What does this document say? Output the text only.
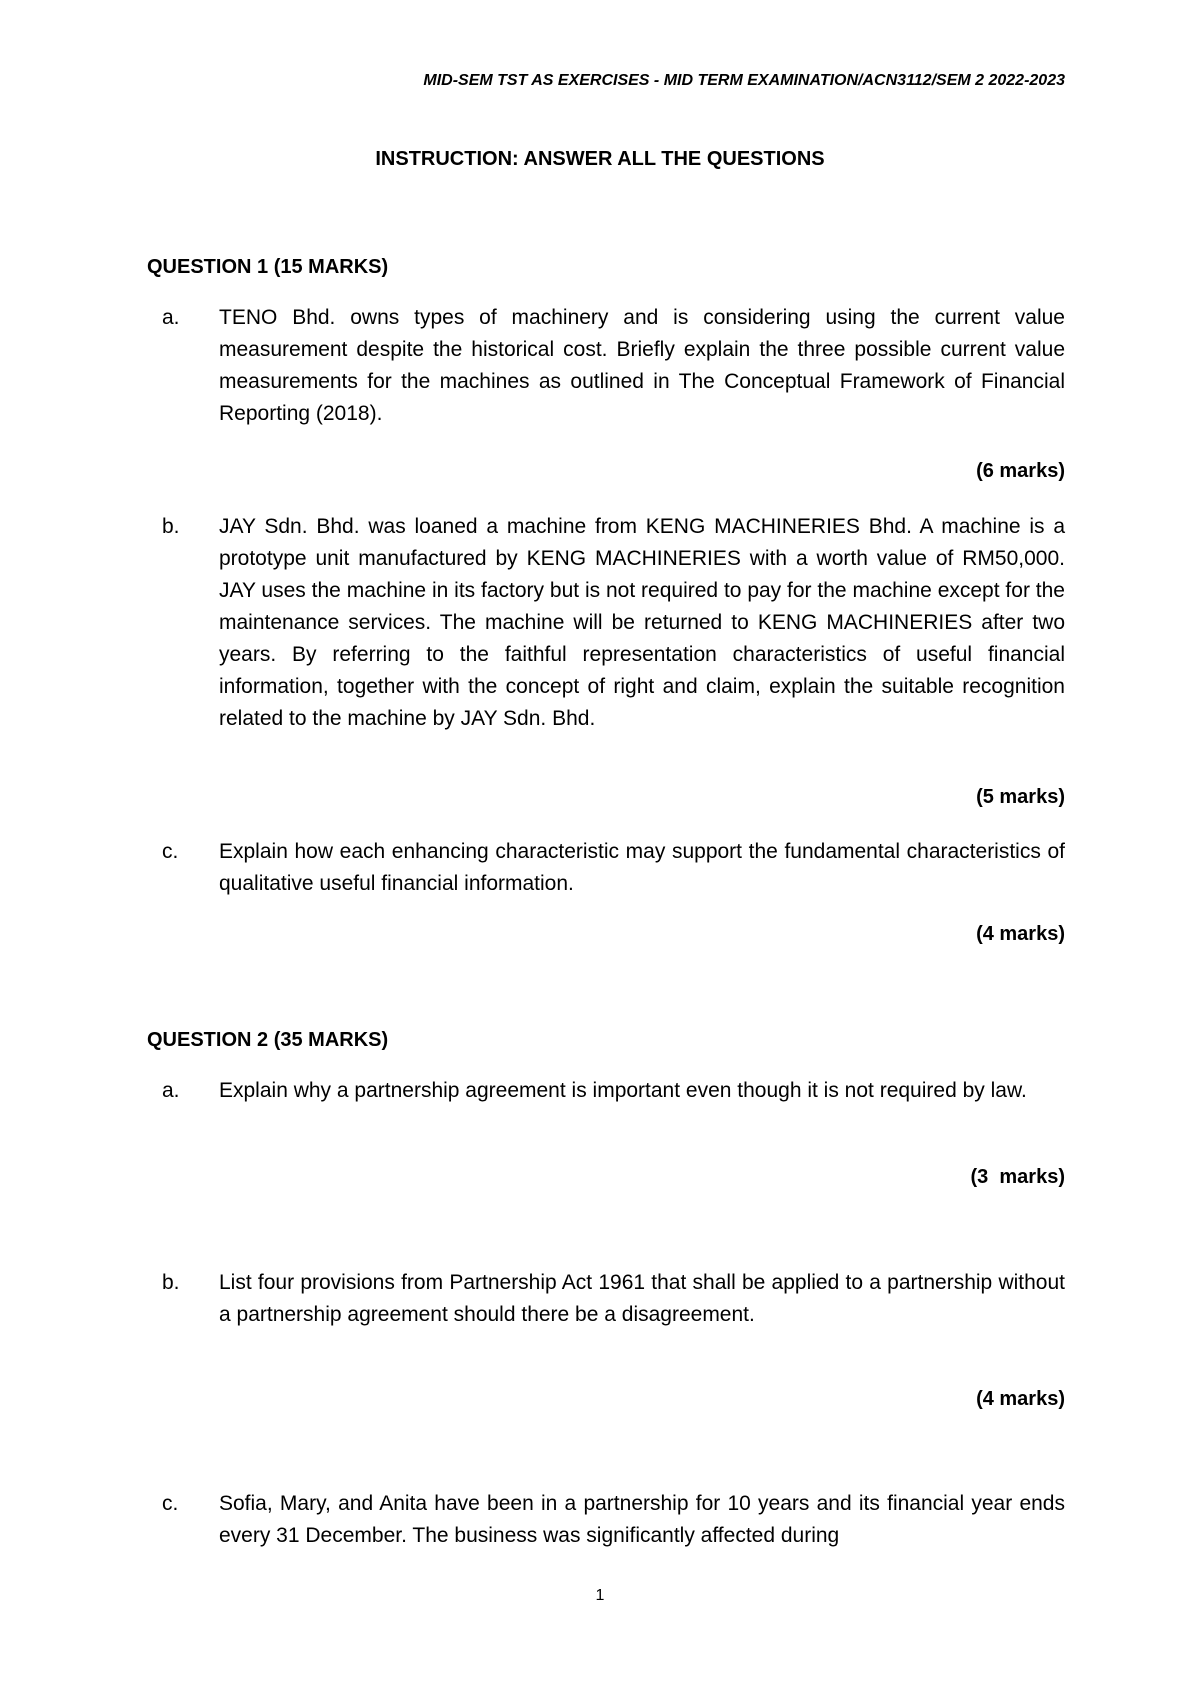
MID-SEM TST AS EXERCISES - MID TERM EXAMINATION/ACN3112/SEM 2 2022-2023
INSTRUCTION: ANSWER ALL THE QUESTIONS
QUESTION 1 (15 MARKS)
a. TENO Bhd. owns types of machinery and is considering using the current value measurement despite the historical cost. Briefly explain the three possible current value measurements for the machines as outlined in The Conceptual Framework of Financial Reporting (2018).
(6 marks)
b. JAY Sdn. Bhd. was loaned a machine from KENG MACHINERIES Bhd. A machine is a prototype unit manufactured by KENG MACHINERIES with a worth value of RM50,000. JAY uses the machine in its factory but is not required to pay for the machine except for the maintenance services. The machine will be returned to KENG MACHINERIES after two years. By referring to the faithful representation characteristics of useful financial information, together with the concept of right and claim, explain the suitable recognition related to the machine by JAY Sdn. Bhd.
(5 marks)
c. Explain how each enhancing characteristic may support the fundamental characteristics of qualitative useful financial information.
(4 marks)
QUESTION 2 (35 MARKS)
a. Explain why a partnership agreement is important even though it is not required by law.
(3  marks)
b. List four provisions from Partnership Act 1961 that shall be applied to a partnership without a partnership agreement should there be a disagreement.
(4 marks)
c. Sofia, Mary, and Anita have been in a partnership for 10 years and its financial year ends every 31 December. The business was significantly affected during
1
